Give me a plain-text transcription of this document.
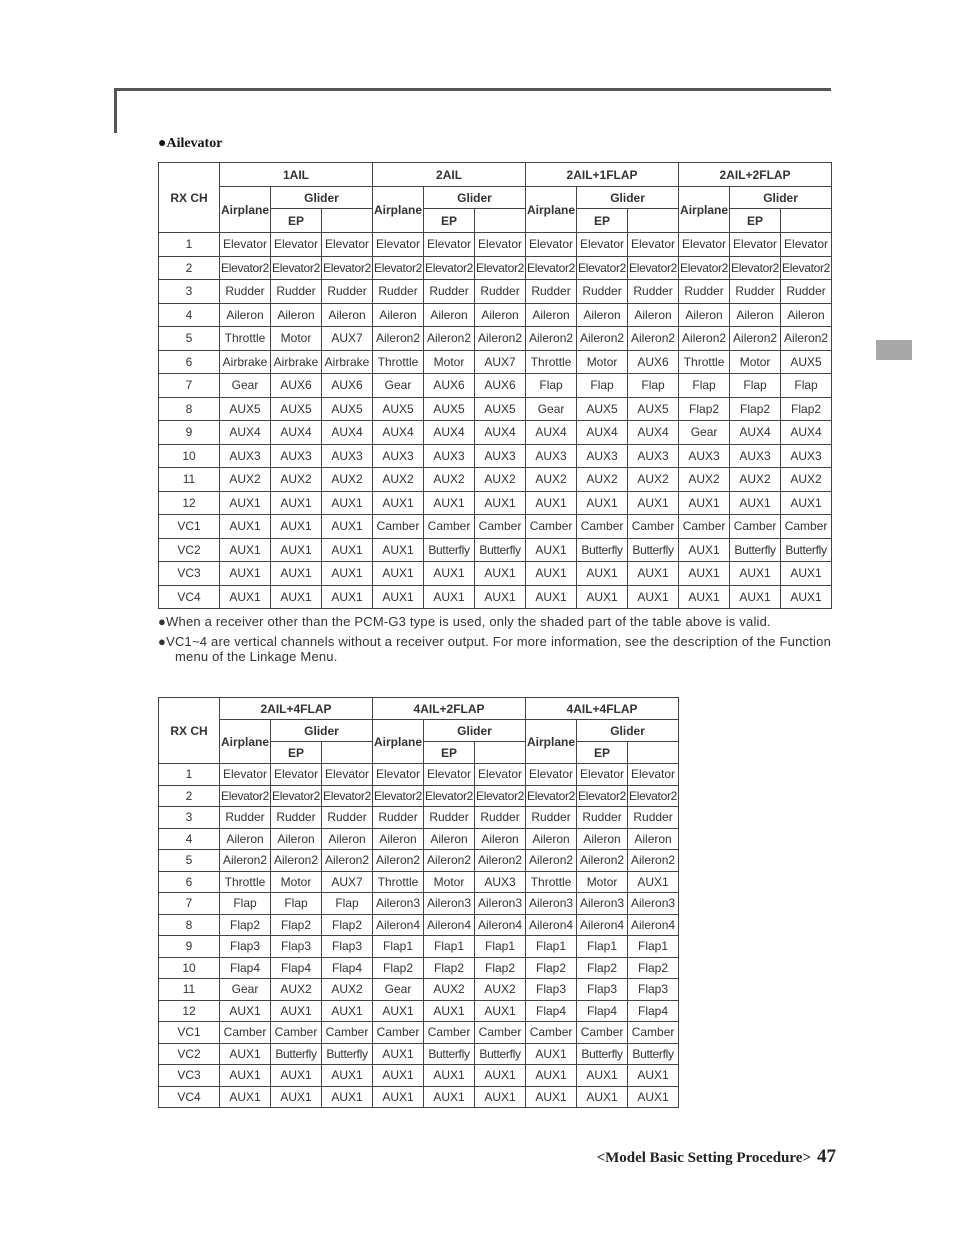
●Ailevator
RX CH	1AIL			2AIL			2AIL+1FLAP			2AIL+2FLAP		
	Airplane	Glider		Airplane	Glider		Airplane	Glider		Airplane	Glider	
		EP			EP			EP			EP	
1	Elevator	Elevator	Elevator	Elevator	Elevator	Elevator	Elevator	Elevator	Elevator	Elevator	Elevator	Elevator
2	Elevator2	Elevator2	Elevator2	Elevator2	Elevator2	Elevator2	Elevator2	Elevator2	Elevator2	Elevator2	Elevator2	Elevator2
3	Rudder	Rudder	Rudder	Rudder	Rudder	Rudder	Rudder	Rudder	Rudder	Rudder	Rudder	Rudder
4	Aileron	Aileron	Aileron	Aileron	Aileron	Aileron	Aileron	Aileron	Aileron	Aileron	Aileron	Aileron
5	Throttle	Motor	AUX7	Aileron2	Aileron2	Aileron2	Aileron2	Aileron2	Aileron2	Aileron2	Aileron2	Aileron2
6	Airbrake	Airbrake	Airbrake	Throttle	Motor	AUX7	Throttle	Motor	AUX6	Throttle	Motor	AUX5
7	Gear	AUX6	AUX6	Gear	AUX6	AUX6	Flap	Flap	Flap	Flap	Flap	Flap
8	AUX5	AUX5	AUX5	AUX5	AUX5	AUX5	Gear	AUX5	AUX5	Flap2	Flap2	Flap2
9	AUX4	AUX4	AUX4	AUX4	AUX4	AUX4	AUX4	AUX4	AUX4	Gear	AUX4	AUX4
10	AUX3	AUX3	AUX3	AUX3	AUX3	AUX3	AUX3	AUX3	AUX3	AUX3	AUX3	AUX3
11	AUX2	AUX2	AUX2	AUX2	AUX2	AUX2	AUX2	AUX2	AUX2	AUX2	AUX2	AUX2
12	AUX1	AUX1	AUX1	AUX1	AUX1	AUX1	AUX1	AUX1	AUX1	AUX1	AUX1	AUX1
VC1	AUX1	AUX1	AUX1	Camber	Camber	Camber	Camber	Camber	Camber	Camber	Camber	Camber
VC2	AUX1	AUX1	AUX1	AUX1	Butterfly	Butterfly	AUX1	Butterfly	Butterfly	AUX1	Butterfly	Butterfly
VC3	AUX1	AUX1	AUX1	AUX1	AUX1	AUX1	AUX1	AUX1	AUX1	AUX1	AUX1	AUX1
VC4	AUX1	AUX1	AUX1	AUX1	AUX1	AUX1	AUX1	AUX1	AUX1	AUX1	AUX1	AUX1
●When a receiver other than the PCM-G3 type is used, only the shaded part of the table above is valid.
●VC1~4 are vertical channels without a receiver output. For more information, see the description of the Function menu of the Linkage Menu.
RX CH	2AIL+4FLAP			4AIL+2FLAP			4AIL+4FLAP		
	Airplane	Glider		Airplane	Glider		Airplane	Glider	
		EP			EP			EP	
1	Elevator	Elevator	Elevator	Elevator	Elevator	Elevator	Elevator	Elevator	Elevator
2	Elevator2	Elevator2	Elevator2	Elevator2	Elevator2	Elevator2	Elevator2	Elevator2	Elevator2
3	Rudder	Rudder	Rudder	Rudder	Rudder	Rudder	Rudder	Rudder	Rudder
4	Aileron	Aileron	Aileron	Aileron	Aileron	Aileron	Aileron	Aileron	Aileron
5	Aileron2	Aileron2	Aileron2	Aileron2	Aileron2	Aileron2	Aileron2	Aileron2	Aileron2
6	Throttle	Motor	AUX7	Throttle	Motor	AUX3	Throttle	Motor	AUX1
7	Flap	Flap	Flap	Aileron3	Aileron3	Aileron3	Aileron3	Aileron3	Aileron3
8	Flap2	Flap2	Flap2	Aileron4	Aileron4	Aileron4	Aileron4	Aileron4	Aileron4
9	Flap3	Flap3	Flap3	Flap1	Flap1	Flap1	Flap1	Flap1	Flap1
10	Flap4	Flap4	Flap4	Flap2	Flap2	Flap2	Flap2	Flap2	Flap2
11	Gear	AUX2	AUX2	Gear	AUX2	AUX2	Flap3	Flap3	Flap3
12	AUX1	AUX1	AUX1	AUX1	AUX1	AUX1	Flap4	Flap4	Flap4
VC1	Camber	Camber	Camber	Camber	Camber	Camber	Camber	Camber	Camber
VC2	AUX1	Butterfly	Butterfly	AUX1	Butterfly	Butterfly	AUX1	Butterfly	Butterfly
VC3	AUX1	AUX1	AUX1	AUX1	AUX1	AUX1	AUX1	AUX1	AUX1
VC4	AUX1	AUX1	AUX1	AUX1	AUX1	AUX1	AUX1	AUX1	AUX1
<Model Basic Setting Procedure> 47
